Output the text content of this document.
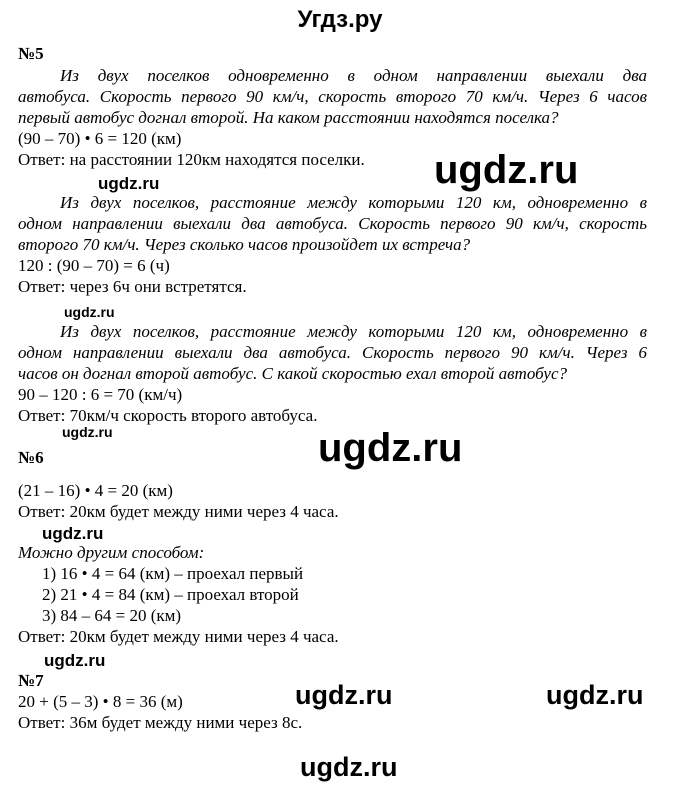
Угдз.ру
№5
Из двух поселков одновременно в одном направлении выехали два
автобуса. Скорость первого 90 км/ч, скорость второго 70 км/ч. Через 6 часов
первый автобус догнал второй. На каком расстоянии находятся поселка?
(90 – 70) • 6 = 120 (км)
Ответ: на расстоянии 120км находятся поселки.
Из двух поселков, расстояние между которыми 120 км, одновременно в
одном направлении выехали два автобуса. Скорость первого 90 км/ч, скорость
второго 70 км/ч. Через сколько часов произойдет их встреча?
120 : (90 – 70) = 6 (ч)
Ответ: через 6ч они встретятся.
Из двух поселков, расстояние между которыми 120 км, одновременно в
одном направлении выехали два автобуса. Скорость первого 90 км/ч. Через 6
часов он догнал второй автобус. С какой скоростью ехал второй автобус?
90 – 120 : 6 = 70 (км/ч)
Ответ: 70км/ч скорость второго автобуса.
№6
(21 – 16) • 4 = 20 (км)
Ответ: 20км будет между ними через 4 часа.
Можно другим способом:
1) 16 • 4 = 64 (км) – проехал первый
2) 21 • 4 = 84 (км) – проехал второй
3) 84 – 64 = 20 (км)
Ответ: 20км будет между ними через 4 часа.
№7
20 + (5 – 3) • 8 = 36 (м)
Ответ: 36м будет между ними через 8с.
ugdz.ru
ugdz.ru
ugdz.ru
ugdz.ru	ugdz.ru
ugdz.ru
ugdz.ru
ugdz.ru	ugdz.ru
ugdz.ru
